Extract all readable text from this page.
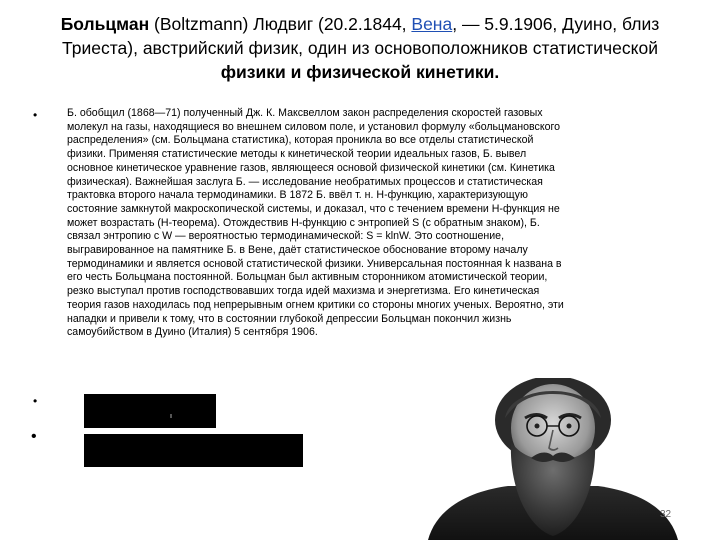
Больцман (Boltzmann) Людвиг (20.2.1844, Вена, — 5.9.1906, Дуино, близ
Триеста), австрийский физик, один из основоположников статистической
физики и физической кинетики.
•	Б. обобщил (1868—71) полученный Дж. К. Максвеллом закон распределения скоростей газовых
молекул на газы, находящиеся во внешнем силовом поле, и установил формулу «больцмановского
распределения» (см. Больцмана статистика), которая проникла во все отделы статистической
физики. Применяя статистические методы к кинетической теории идеальных газов, Б. вывел
основное кинетическое уравнение газов, являющееся основой физической кинетики (см. Кинетика
физическая). Важнейшая заслуга Б. — исследование необратимых процессов и статистическая
трактовка второго начала термодинамики. В 1872 Б. ввёл т. н. Н-функцию, характеризующую
состояние замкнутой макроскопической системы, и доказал, что с течением времени Н-функция не
может возрастать (Н-теорема). Отождествив Н-функцию с энтропией S (с обратным знаком), Б.
связал энтропию с W — вероятностью термодинамической: S = klnW. Это соотношение,
выгравированное на памятнике Б. в Вене, даёт статистическое обоснование второму началу
термодинамики и является основой статистической физики. Универсальная постоянная k названа в
его честь Больцмана постоянной. Больцман был активным сторонником атомистической теории,
резко выступал против господствовавших тогда идей махизма и энергетизма. Его кинетическая
теория газов находилась под непрерывным огнем критики со стороны многих ученых. Вероятно, эти
нападки и привели к тому, что в состоянии глубокой депрессии Больцман покончил жизнь
самоубийством в Дуино (Италия) 5 сентября 1906.
•
•
32
